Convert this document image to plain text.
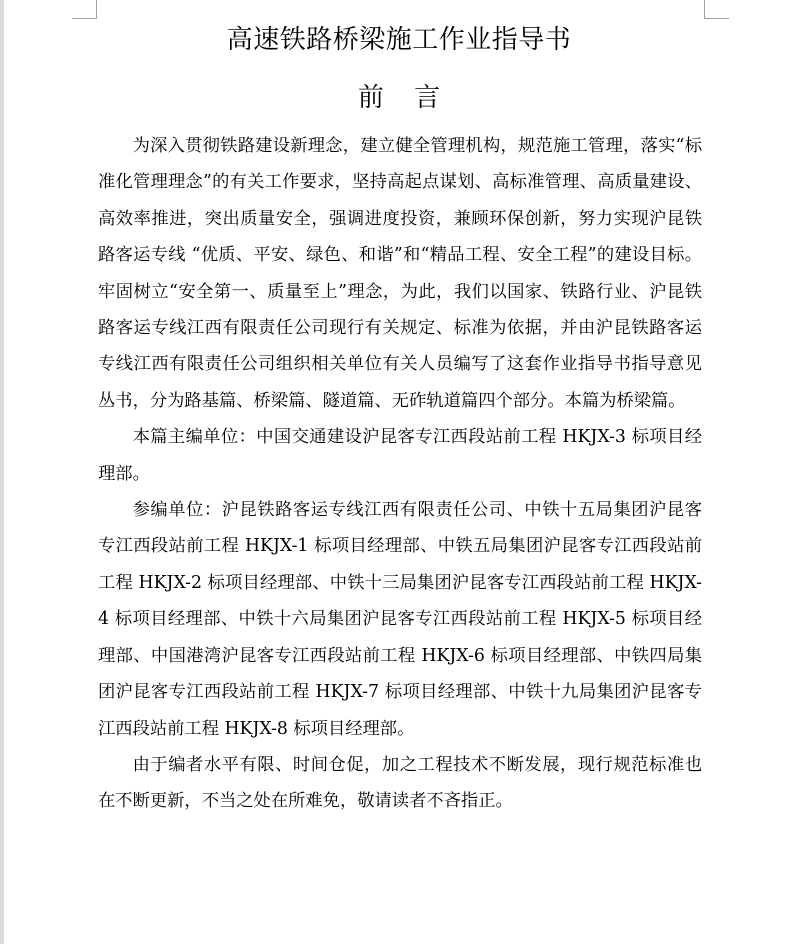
高速铁路桥梁施工作业指导书
前 言

为深入贯彻铁路建设新理念，建立健全管理机构，规范施工管理，落实“标准化管理理念”的有关工作要求，坚持高起点谋划、高标准管理、高质量建设、高效率推进，突出质量安全，强调进度投资，兼顾环保创新，努力实现沪昆铁路客运专线 “优质、平安、绿色、和谐”和“精品工程、安全工程”的建设目标。牢固树立“安全第一、质量至上”理念，为此，我们以国家、铁路行业、沪昆铁路客运专线江西有限责任公司现行有关规定、标准为依据，并由沪昆铁路客运专线江西有限责任公司组织相关单位有关人员编写了这套作业指导书指导意见丛书，分为路基篇、桥梁篇、隧道篇、无砟轨道篇四个部分。本篇为桥梁篇。

本篇主编单位：中国交通建设沪昆客专江西段站前工程 HKJX-3 标项目经理部。

参编单位：沪昆铁路客运专线江西有限责任公司、中铁十五局集团沪昆客专江西段站前工程 HKJX-1 标项目经理部、中铁五局集团沪昆客专江西段站前工程 HKJX-2 标项目经理部、中铁十三局集团沪昆客专江西段站前工程 HKJX-4 标项目经理部、中铁十六局集团沪昆客专江西段站前工程 HKJX-5 标项目经理部、中国港湾沪昆客专江西段站前工程 HKJX-6 标项目经理部、中铁四局集团沪昆客专江西段站前工程 HKJX-7 标项目经理部、中铁十九局集团沪昆客专江西段站前工程 HKJX-8 标项目经理部。

由于编者水平有限、时间仓促，加之工程技术不断发展，现行规范标准也在不断更新，不当之处在所难免，敬请读者不吝指正。
